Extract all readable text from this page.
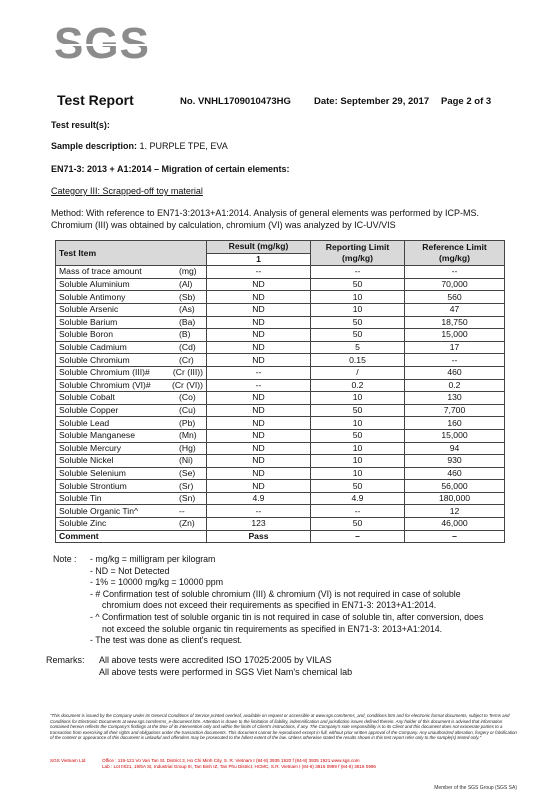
SGS
Test Report	No. VNHL1709010473HG Date: September 29, 2017 Page 2 of 3
Test result(s):
Sample description: 1. PURPLE TPE, EVA
EN71-3: 2013 + A1:2014 – Migration of certain elements:
Category III: Scrapped-off toy material
Method: With reference to EN71-3:2013+A1:2014. Analysis of general elements was performed by ICP-MS. Chromium (III) was obtained by calculation, chromium (VI) was analyzed by IC-UV/VIS
Test Item	Result (mg/kg)	Reporting Limit (mg/kg)	Reference Limit (mg/kg)
	1		

Mass of trace amount (mg)	--	--	--

Soluble Aluminium (Al)	ND	50	70,000

Soluble Antimony (Sb)	ND	10	560

Soluble Arsenic (As)	ND	10	47

Soluble Barium (Ba)	ND	50	18,750

Soluble Boron (B)	ND	50	15,000

Soluble Cadmium (Cd)	ND	5	17

Soluble Chromium (Cr)	ND	0.15	--

Soluble Chromium (III)# (Cr (III))	--	/	460

Soluble Chromium (VI)# (Cr (VI))	--	0.2	0.2

Soluble Cobalt (Co)	ND	10	130

Soluble Copper (Cu)	ND	50	7,700

Soluble Lead (Pb)	ND	10	160

Soluble Manganese (Mn)	ND	50	15,000

Soluble Mercury (Hg)	ND	10	94

Soluble Nickel (Ni)	ND	10	930

Soluble Selenium (Se)	ND	10	460

Soluble Strontium (Sr)	ND	50	56,000

Soluble Tin (Sn)	4.9	4.9	180,000

Soluble Organic Tin^ --	--	--	12

Soluble Zinc (Zn)	123	50	46,000
Comment	Pass	–	–
Note :	- mg/kg = milligram per kilogram
- ND = Not Detected
- 1% = 10000 mg/kg = 10000 ppm
- # Confirmation test of soluble chromium (III) & chromium (VI) is not required in case of soluble
chromium does not exceed their requirements as specified in EN71-3: 2013+A1:2014.
- ^ Confirmation test of soluble organic tin is not required in case of soluble tin, after conversion, does
not exceed the soluble organic tin requirements as specified in EN71-3: 2013+A1:2014.
- The test was done as client's request.
Remarks: All above tests were accredited ISO 17025:2005 by VILAS
All above tests were performed in SGS Viet Nam's chemical lab
"This document is issued by the Company under its General Conditions of Service printed overleaf, available on request or accessible at www.sgs.com/terms_and_conditions.htm and for electronic format documents, subject to Terms and Conditions for Electronic Documents at www.sgs.com/terms_e-document.htm. Attention is drawn to the limitation of liability, indemnification and jurisdiction issues defined therein. Any holder of this document is advised that information contained hereon reflects the Company's findings at the time of its intervention only and within the limits of Client's instructions, if any. The Company's sole responsibility is to its Client and this document does not exonerate parties to a transaction from exercising all their rights and obligations under the transaction documents. This document cannot be reproduced except in full, without prior written approval of the Company. Any unauthorized alteration, forgery or falsification of the content or appearance of this document is unlawful and offenders may be prosecuted to the fullest extent of the law. Unless otherwise stated the results shown in this test report refer only to the sample(s) tested only."
SGS Vietnam Ltd	Office : 119-121 Vo Van Tan St. District 3, Ho Chi Minh City, S. R. Vietnam t (84-8) 3935 1920 f (84-8) 3935 1921 www.sgs.com
Lab : Lot III/21, 19/5A St, Industrial Group III, Tan Binh IZ, Tan Phu District, HCMC, S.R. Vietnam t (84-8) 3816 0999 f (84-8) 3816 0996
Member of the SGS Group (SGS SA)
